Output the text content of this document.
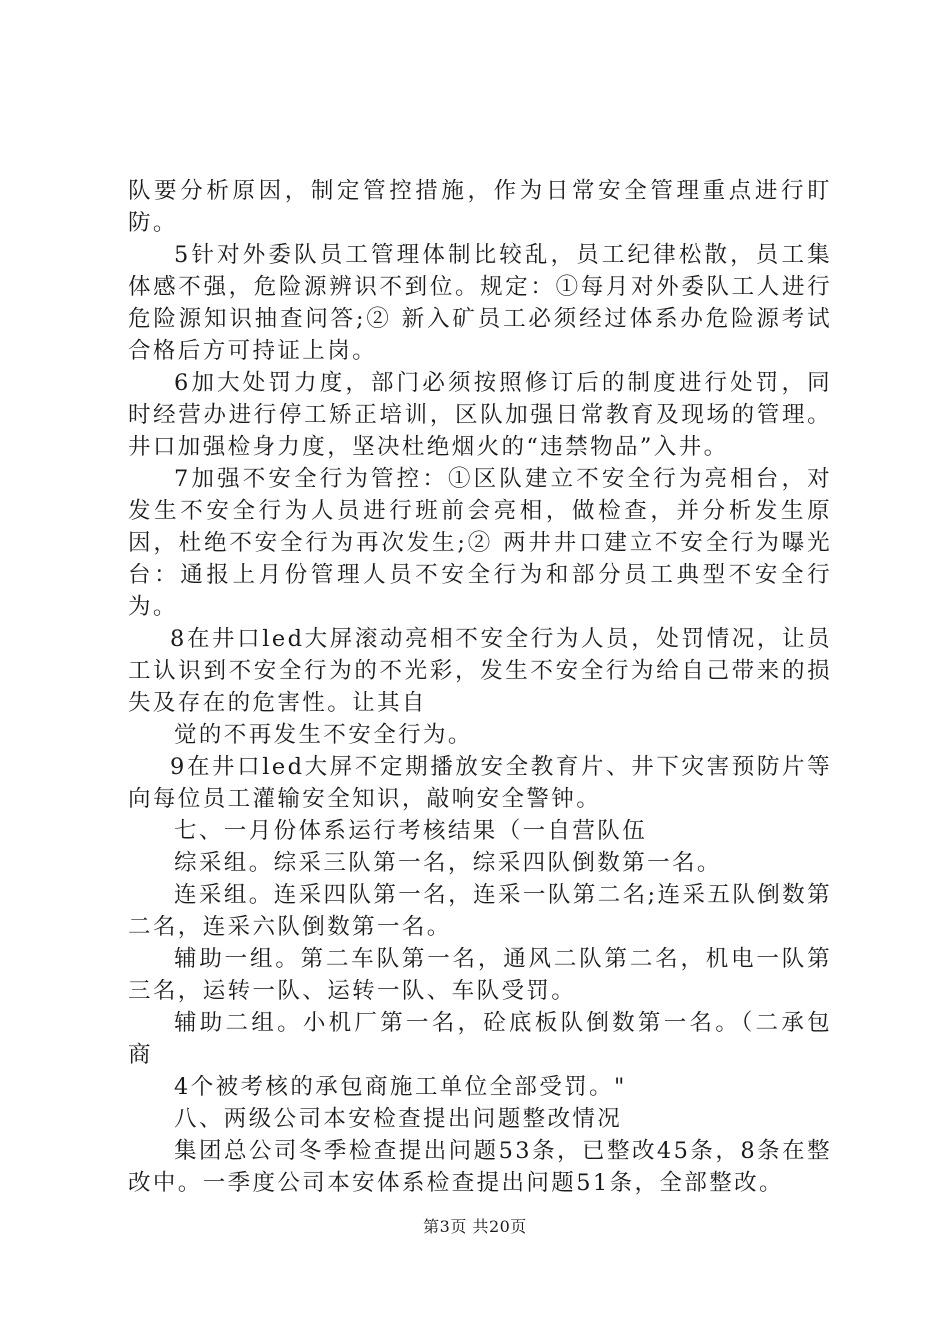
队要分析原因，制定管控措施，作为日常安全管理重点进行盯防。

5针对外委队员工管理体制比较乱，员工纪律松散，员工集体感不强，危险源辨识不到位。规定：①每月对外委队工人进行危险源知识抽查问答;② 新入矿员工必须经过体系办危险源考试合格后方可持证上岗。

6加大处罚力度，部门必须按照修订后的制度进行处罚，同时经营办进行停工矫正培训，区队加强日常教育及现场的管理。井口加强检身力度，坚决杜绝烟火的“违禁物品”入井。

7加强不安全行为管控：①区队建立不安全行为亮相台，对发生不安全行为人员进行班前会亮相，做检查，并分析发生原因，杜绝不安全行为再次发生;② 两井井口建立不安全行为曝光台：通报上月份管理人员不安全行为和部分员工典型不安全行为。

8在井口led大屏滚动亮相不安全行为人员，处罚情况，让员工认识到不安全行为的不光彩，发生不安全行为给自己带来的损失及存在的危害性。让其自

觉的不再发生不安全行为。

9在井口led大屏不定期播放安全教育片、井下灾害预防片等向每位员工灌输安全知识，敲响安全警钟。

七、一月份体系运行考核结果（一自营队伍

综采组。综采三队第一名，综采四队倒数第一名。

连采组。连采四队第一名，连采一队第二名;连采五队倒数第二名，连采六队倒数第一名。

辅助一组。第二车队第一名，通风二队第二名，机电一队第三名，运转一队、运转一队、车队受罚。

辅助二组。小机厂第一名，砼底板队倒数第一名。（二承包商

4个被考核的承包商施工单位全部受罚。"

八、两级公司本安检查提出问题整改情况

集团总公司冬季检查提出问题53条，已整改45条，8条在整改中。一季度公司本安体系检查提出问题51条，全部整改。

第3页 共20页
